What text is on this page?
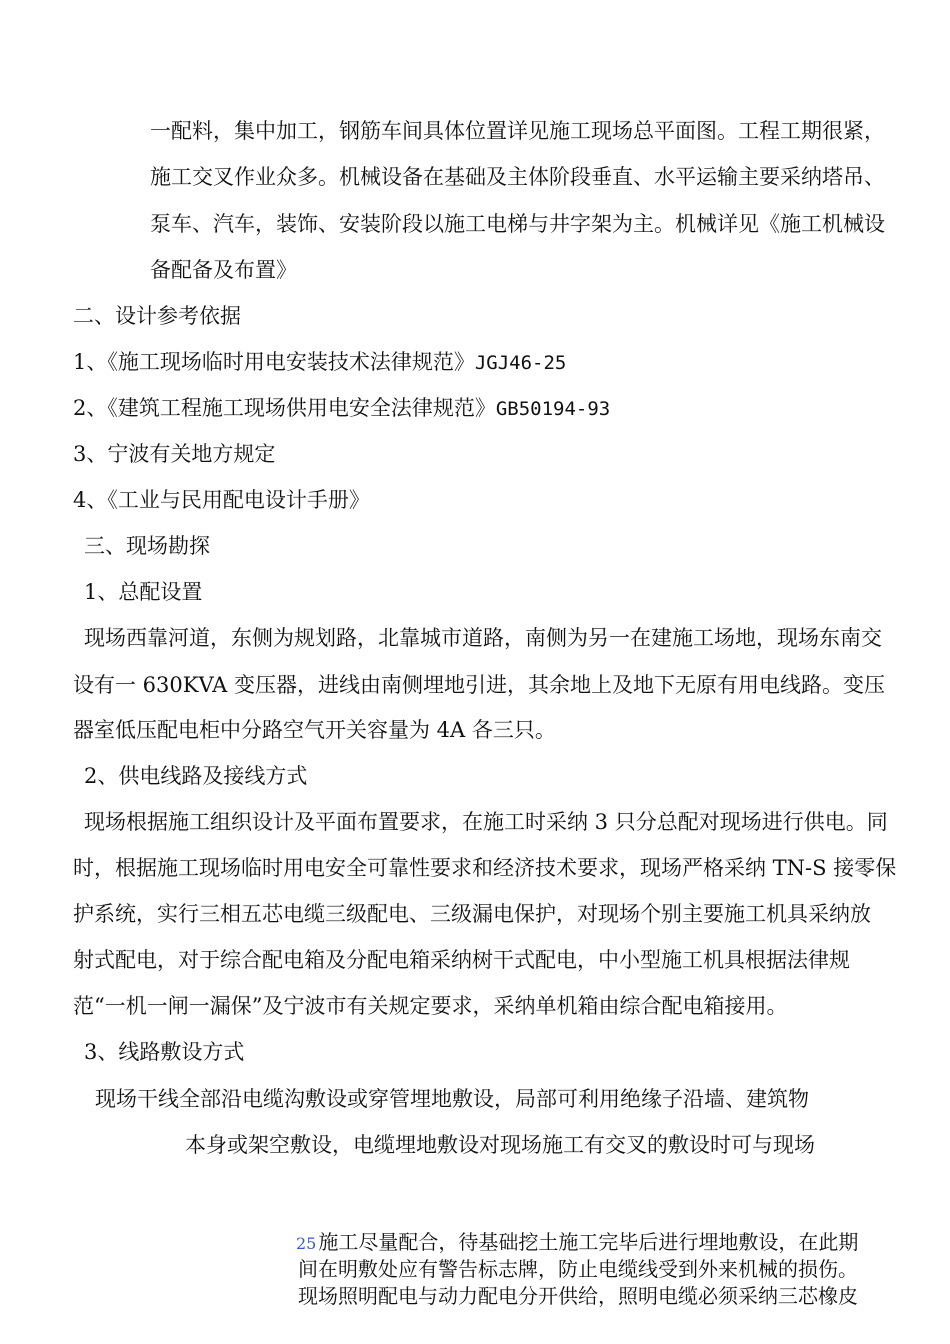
一配料，集中加工，钢筋车间具体位置详见施工现场总平面图。工程工期很紧，
施工交叉作业众多。机械设备在基础及主体阶段垂直、水平运输主要采纳塔吊、
泵车、汽车，装饰、安装阶段以施工电梯与井字架为主。机械详见《施工机械设
备配备及布置》
二、设计参考依据
1、《施工现场临时用电安装技术法律规范》JGJ46-25
2、《建筑工程施工现场供用电安全法律规范》GB50194-93
3、宁波有关地方规定
4、《工业与民用配电设计手册》
三、现场勘探
1、总配设置
现场西靠河道，东侧为规划路，北靠城市道路，南侧为另一在建施工场地，现场东南交
设有一 630KVA 变压器，进线由南侧埋地引进，其余地上及地下无原有用电线路。变压
器室低压配电柜中分路空气开关容量为 4A 各三只。
2、供电线路及接线方式
现场根据施工组织设计及平面布置要求，在施工时采纳 3 只分总配对现场进行供电。同
时，根据施工现场临时用电安全可靠性要求和经济技术要求，现场严格采纳 TN-S 接零保
护系统，实行三相五芯电缆三级配电、三级漏电保护，对现场个别主要施工机具采纳放
射式配电，对于综合配电箱及分配电箱采纳树干式配电，中小型施工机具根据法律规
范“一机一闸一漏保”及宁波市有关规定要求，采纳单机箱由综合配电箱接用。
3、线路敷设方式
现场干线全部沿电缆沟敷设或穿管埋地敷设，局部可利用绝缘子沿墙、建筑物
本身或架空敷设，电缆埋地敷设对现场施工有交叉的敷设时可与现场
25 施工尽量配合，待基础挖土施工完毕后进行埋地敷设，在此期
间在明敷处应有警告标志牌，防止电缆线受到外来机械的损伤。
现场照明配电与动力配电分开供给，照明电缆必须采纳三芯橡皮
